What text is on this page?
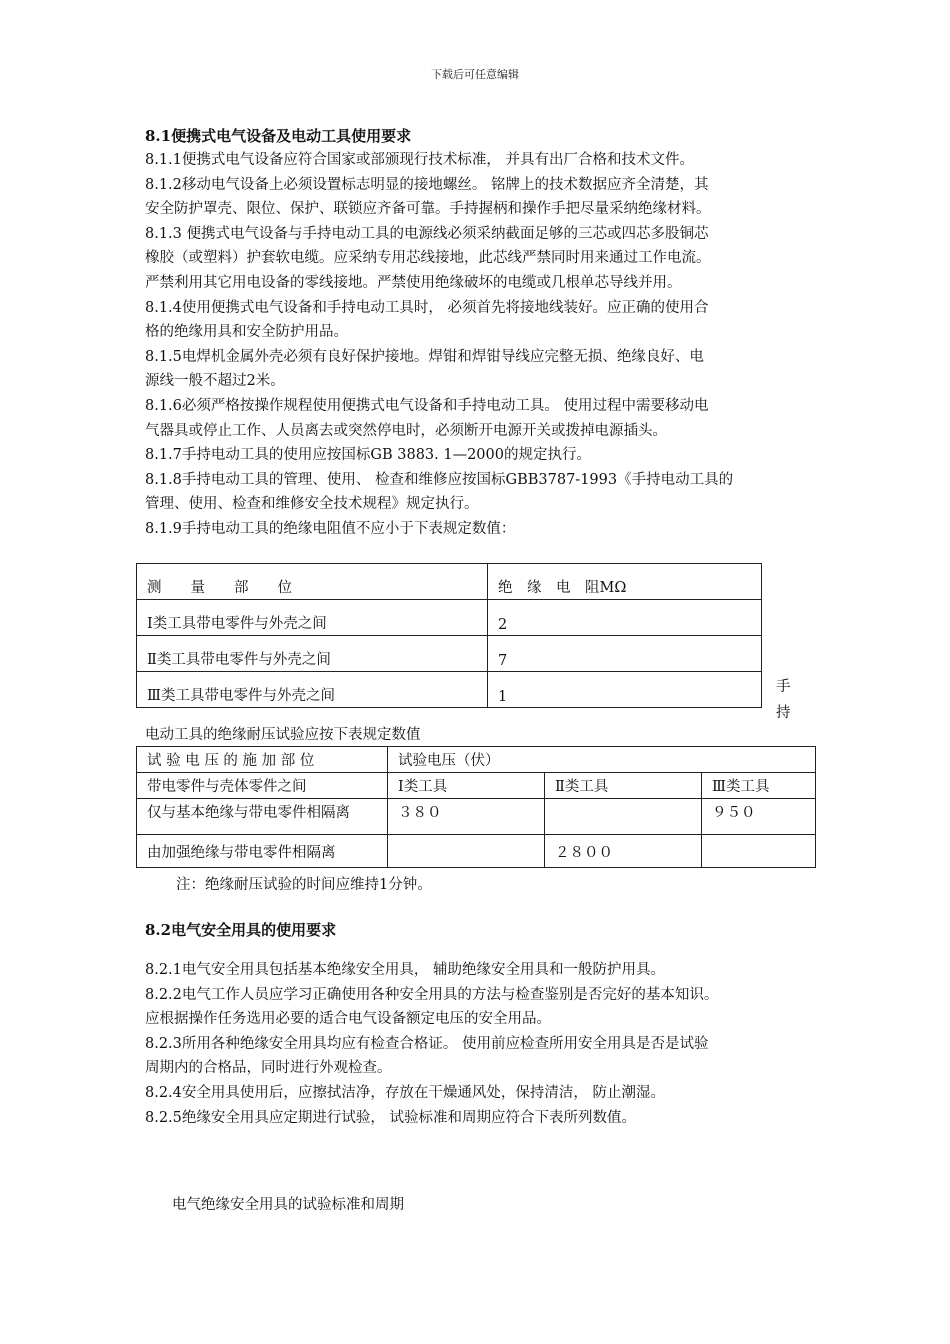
下载后可任意编辑
8.1便携式电气设备及电动工具使用要求
8.1.1便携式电气设备应符合国家或部颁现行技术标准， 并具有出厂合格和技术文件。
8.1.2移动电气设备上必须设置标志明显的接地螺丝。 铭牌上的技术数据应齐全清楚，其
安全防护罩壳、限位、保护、联锁应齐备可靠。手持握柄和操作手把尽量采纳绝缘材料。
8.1.3 便携式电气设备与手持电动工具的电源线必须采纳截面足够的三芯或四芯多股铜芯
橡胶（或塑料）护套软电缆。应采纳专用芯线接地，此芯线严禁同时用来通过工作电流。
严禁利用其它用电设备的零线接地。严禁使用绝缘破坏的电缆或几根单芯导线并用。
8.1.4使用便携式电气设备和手持电动工具时， 必须首先将接地线装好。应正确的使用合
格的绝缘用具和安全防护用品。
8.1.5电焊机金属外壳必须有良好保护接地。焊钳和焊钳导线应完整无损、绝缘良好、电
源线一般不超过2米。
8.1.6必须严格按操作规程使用便携式电气设备和手持电动工具。 使用过程中需要移动电
气器具或停止工作、人员离去或突然停电时，必须断开电源开关或拨掉电源插头。
8.1.7手持电动工具的使用应按国标GB 3883. 1—2000的规定执行。
8.1.8手持电动工具的管理、使用、 检查和维修应按国标GBB3787-1993《手持电动工具的
管理、使用、检查和维修安全技术规程》规定执行。
8.1.9手持电动工具的绝缘电阻值不应小于下表规定数值：
测　　量　　部　　位	绝　缘　电　阻MΩ
Ⅰ类工具带电零件与外壳之间	2
Ⅱ类工具带电零件与外壳之间	7
Ⅲ类工具带电零件与外壳之间	1
手
持
电动工具的绝缘耐压试验应按下表规定数值
试 验 电 压 的 施 加 部 位	试验电压（伏）		
带电零件与壳体零件之间	Ⅰ类工具	Ⅱ类工具	Ⅲ类工具
仅与基本绝缘与带电零件相隔离	３８０		９５０
由加强绝缘与带电零件相隔离		２８００	
注：绝缘耐压试验的时间应维持1分钟。
8.2电气安全用具的使用要求
8.2.1电气安全用具包括基本绝缘安全用具， 辅助绝缘安全用具和一般防护用具。
8.2.2电气工作人员应学习正确使用各种安全用具的方法与检查鉴别是否完好的基本知识。
应根据操作任务选用必要的适合电气设备额定电压的安全用品。
8.2.3所用各种绝缘安全用具均应有检查合格证。 使用前应检查所用安全用具是否是试验
周期内的合格品，同时进行外观检查。
8.2.4安全用具使用后，应擦拭洁净，存放在干燥通风处，保持清洁， 防止潮湿。
8.2.5绝缘安全用具应定期进行试验， 试验标准和周期应符合下表所列数值。
电气绝缘安全用具的试验标准和周期
